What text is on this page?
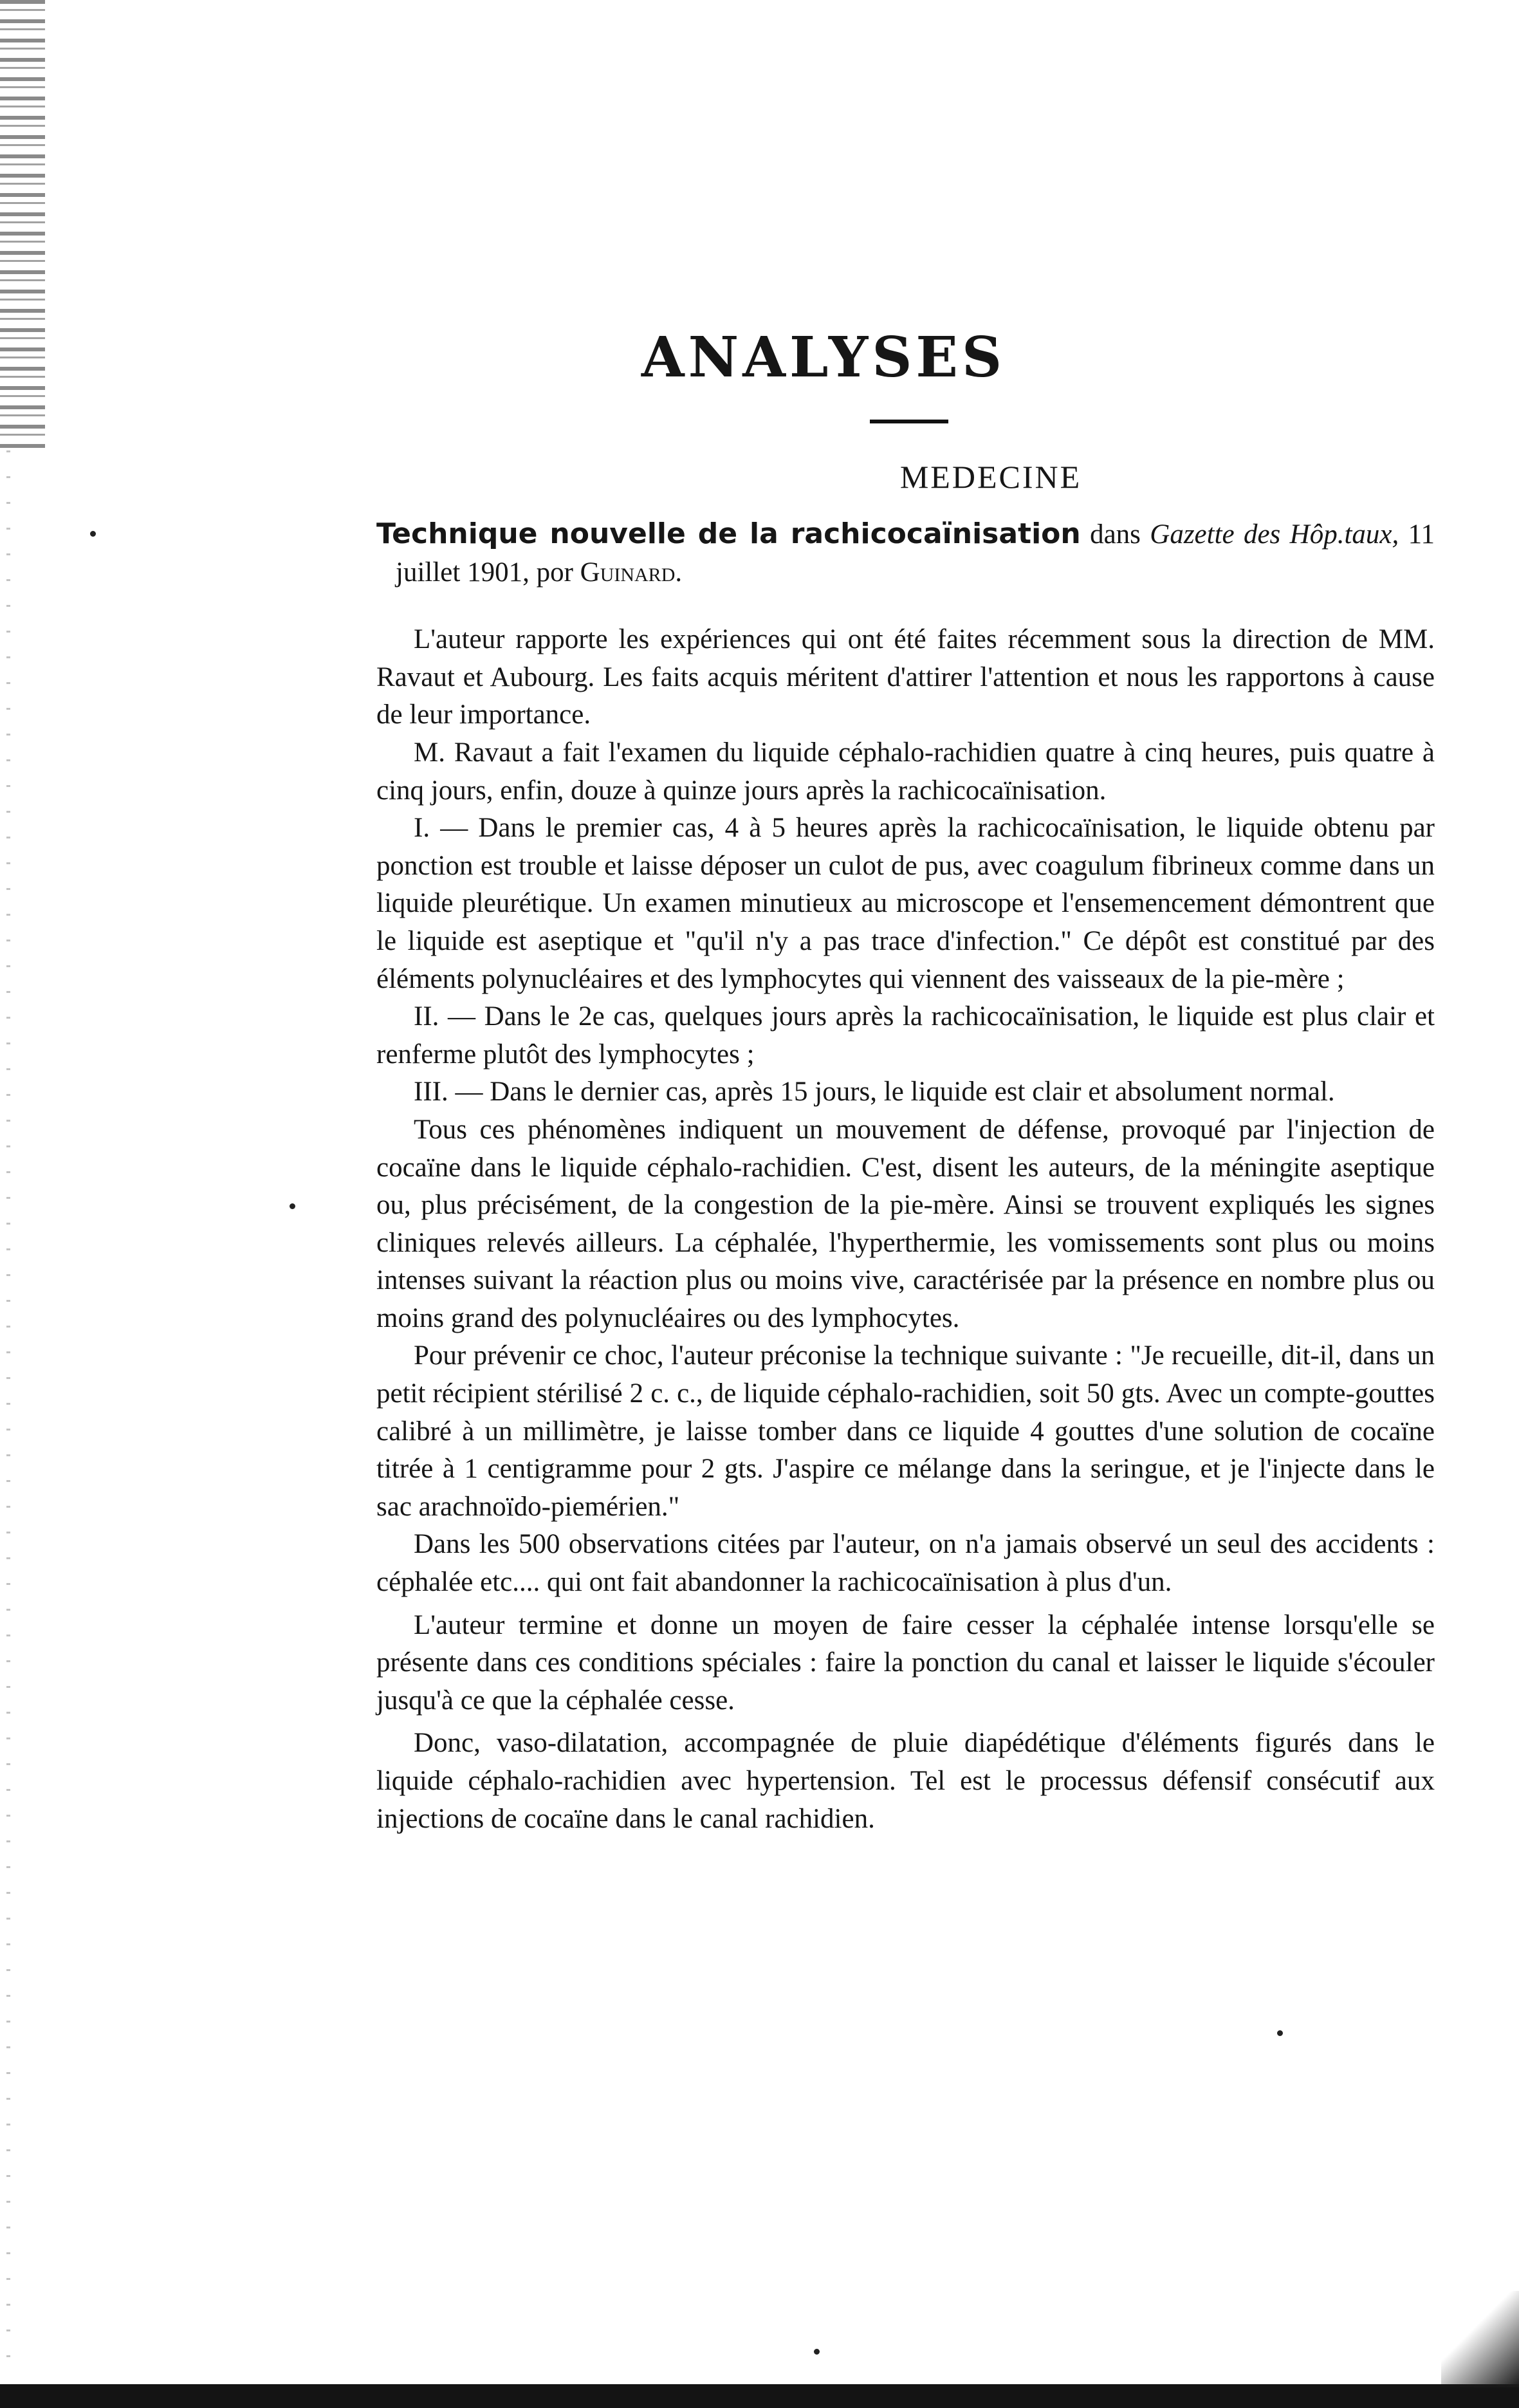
ANALYSES
MEDECINE

Technique nouvelle de la rachicocaïnisation dans Gazette des Hôp.taux, 11 juillet 1901, por Guinard.

L'auteur rapporte les expériences qui ont été faites récemment sous la direction de MM. Ravaut et Aubourg. Les faits acquis méritent d'attirer l'attention et nous les rapportons à cause de leur importance.

M. Ravaut a fait l'examen du liquide céphalo-rachidien quatre à cinq heures, puis quatre à cinq jours, enfin, douze à quinze jours après la rachicocaïnisation.

I. — Dans le premier cas, 4 à 5 heures après la rachicocaïnisation, le liquide obtenu par ponction est trouble et laisse déposer un culot de pus, avec coagulum fibrineux comme dans un liquide pleurétique. Un examen minutieux au microscope et l'ensemencement démontrent que le liquide est aseptique et "qu'il n'y a pas trace d'infection." Ce dépôt est constitué par des éléments polynucléaires et des lymphocytes qui viennent des vaisseaux de la pie-mère ;

II. — Dans le 2e cas, quelques jours après la rachicocaïnisation, le liquide est plus clair et renferme plutôt des lymphocytes ;

III. — Dans le dernier cas, après 15 jours, le liquide est clair et absolument normal.

Tous ces phénomènes indiquent un mouvement de défense, provoqué par l'injection de cocaïne dans le liquide céphalo-rachidien. C'est, disent les auteurs, de la méningite aseptique ou, plus précisément, de la congestion de la pie-mère. Ainsi se trouvent expliqués les signes cliniques relevés ailleurs. La céphalée, l'hyperthermie, les vomissements sont plus ou moins intenses suivant la réaction plus ou moins vive, caractérisée par la présence en nombre plus ou moins grand des polynucléaires ou des lymphocytes.

Pour prévenir ce choc, l'auteur préconise la technique suivante : "Je recueille, dit-il, dans un petit récipient stérilisé 2 c. c., de liquide céphalo-rachidien, soit 50 gts. Avec un compte-gouttes calibré à un millimètre, je laisse tomber dans ce liquide 4 gouttes d'une solution de cocaïne titrée à 1 centigramme pour 2 gts. J'aspire ce mélange dans la seringue, et je l'injecte dans le sac arachnoïdo-piemérien."

Dans les 500 observations citées par l'auteur, on n'a jamais observé un seul des accidents : céphalée etc.... qui ont fait abandonner la rachicocaïnisation à plus d'un.

L'auteur termine et donne un moyen de faire cesser la céphalée intense lorsqu'elle se présente dans ces conditions spéciales : faire la ponction du canal et laisser le liquide s'écouler jusqu'à ce que la céphalée cesse.

Donc, vaso-dilatation, accompagnée de pluie diapédétique d'éléments figurés dans le liquide céphalo-rachidien avec hypertension. Tel est le processus défensif consécutif aux injections de cocaïne dans le canal rachidien.
